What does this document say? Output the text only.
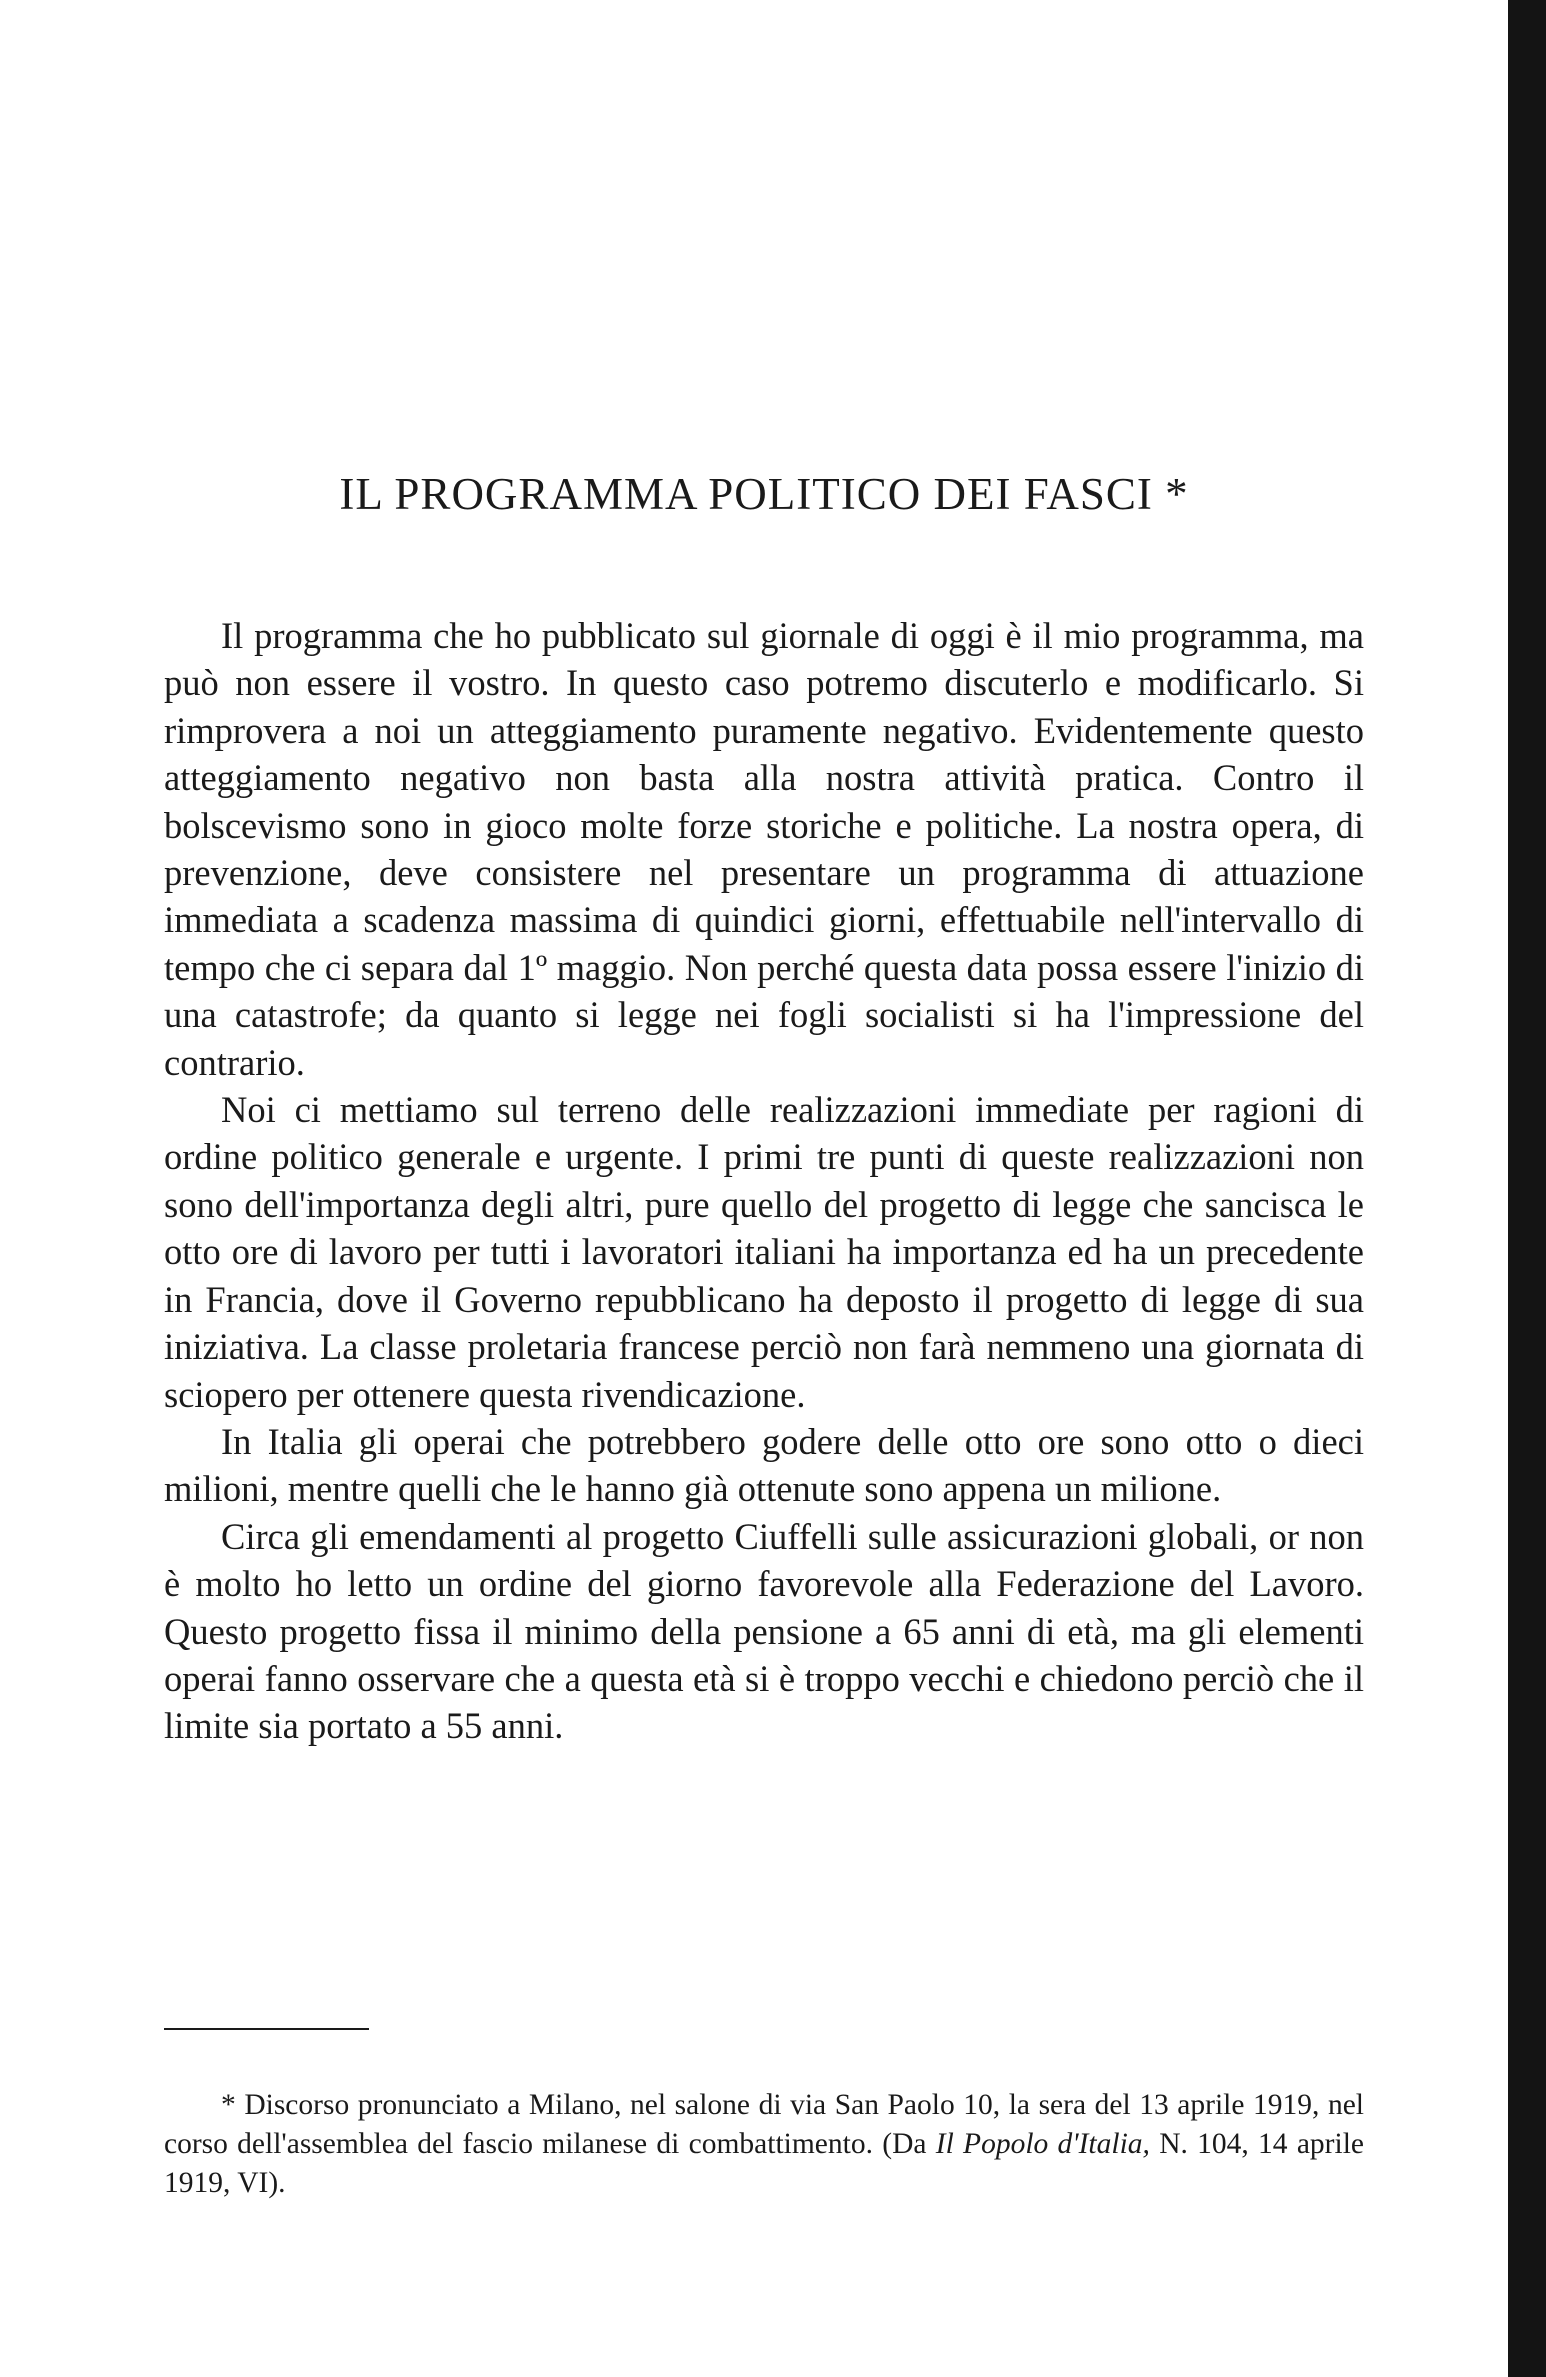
IL PROGRAMMA POLITICO DEI FASCI *

Il programma che ho pubblicato sul giornale di oggi è il mio programma, ma può non essere il vostro. In questo caso potremo discuterlo e modificarlo. Si rimprovera a noi un atteggiamento puramente negativo. Evidentemente questo atteggiamento negativo non basta alla nostra attività pratica. Contro il bolscevismo sono in gioco molte forze storiche e politiche. La nostra opera, di prevenzione, deve consistere nel presentare un programma di attuazione immediata a scadenza massima di quindici giorni, effettuabile nell'intervallo di tempo che ci separa dal 1º maggio. Non perché questa data possa essere l'inizio di una catastrofe; da quanto si legge nei fogli socialisti si ha l'impressione del contrario.

Noi ci mettiamo sul terreno delle realizzazioni immediate per ragioni di ordine politico generale e urgente. I primi tre punti di queste realizzazioni non sono dell'importanza degli altri, pure quello del progetto di legge che sancisca le otto ore di lavoro per tutti i lavoratori italiani ha importanza ed ha un precedente in Francia, dove il Governo repubblicano ha deposto il progetto di legge di sua iniziativa. La classe proletaria francese perciò non farà nemmeno una giornata di sciopero per ottenere questa rivendicazione.

In Italia gli operai che potrebbero godere delle otto ore sono otto o dieci milioni, mentre quelli che le hanno già ottenute sono appena un milione.

Circa gli emendamenti al progetto Ciuffelli sulle assicurazioni globali, or non è molto ho letto un ordine del giorno favorevole alla Federazione del Lavoro. Questo progetto fissa il minimo della pensione a 65 anni di età, ma gli elementi operai fanno osservare che a questa età si è troppo vecchi e chiedono perciò che il limite sia portato a 55 anni.

* Discorso pronunciato a Milano, nel salone di via San Paolo 10, la sera del 13 aprile 1919, nel corso dell'assemblea del fascio milanese di combattimento. (Da Il Popolo d'Italia, N. 104, 14 aprile 1919, VI).
